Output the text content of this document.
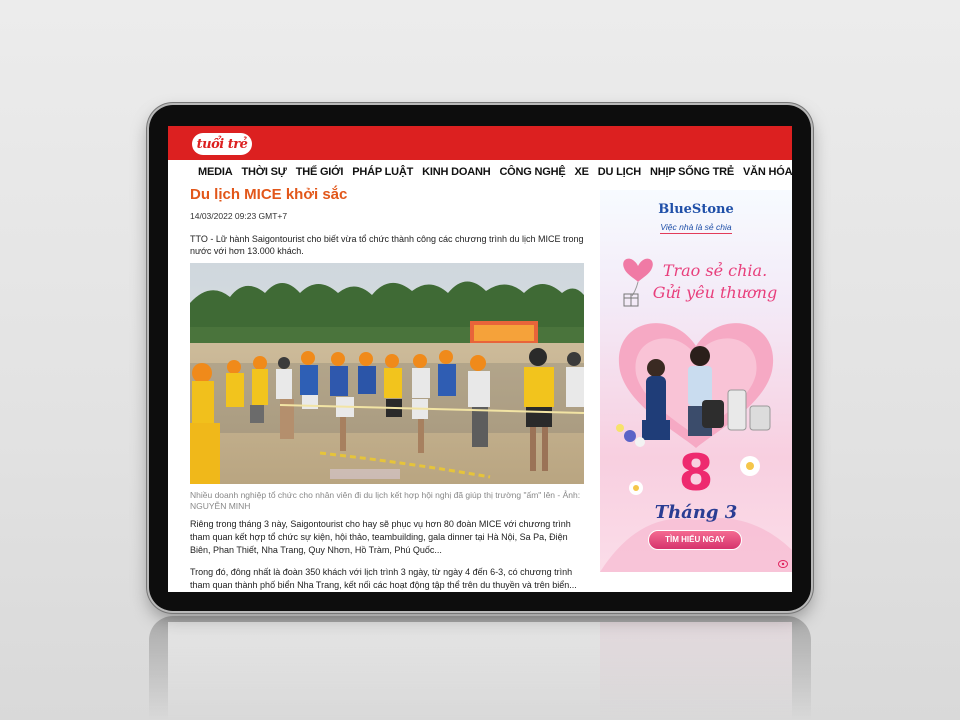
tuổi trẻ
MEDIA THỜI SỰ THẾ GIỚI PHÁP LUẬT KINH DOANH CÔNG NGHỆ XE DU LỊCH NHỊP SỐNG TRẺ VĂN HÓA
Du lịch MICE khởi sắc
14/03/2022 09:23 GMT+7

TTO - Lữ hành Saigontourist cho biết vừa tổ chức thành công các chương trình du lịch MICE trong nước với hơn 13.000 khách.

Nhiều doanh nghiệp tổ chức cho nhân viên đi du lịch kết hợp hội nghị đã giúp thị trường "ấm" lên - Ảnh: NGUYỄN MINH

Riêng trong tháng 3 này, Saigontourist cho hay sẽ phục vụ hơn 80 đoàn MICE với chương trình tham quan kết hợp tổ chức sự kiện, hội thảo, teambuilding, gala dinner tại Hà Nội, Sa Pa, Điện Biên, Phan Thiết, Nha Trang, Quy Nhơn, Hồ Tràm, Phú Quốc...

Trong đó, đông nhất là đoàn 350 khách với lịch trình 3 ngày, từ ngày 4 đến 6-3, có chương trình tham quan thành phố biển Nha Trang, kết nối các hoạt động tập thể trên du thuyền và trên biển...

BlueStone
Việc nhà là sẻ chia
Trao sẻ chia.
Gửi yêu thương
8
Tháng 3
TÌM HIỂU NGAY
